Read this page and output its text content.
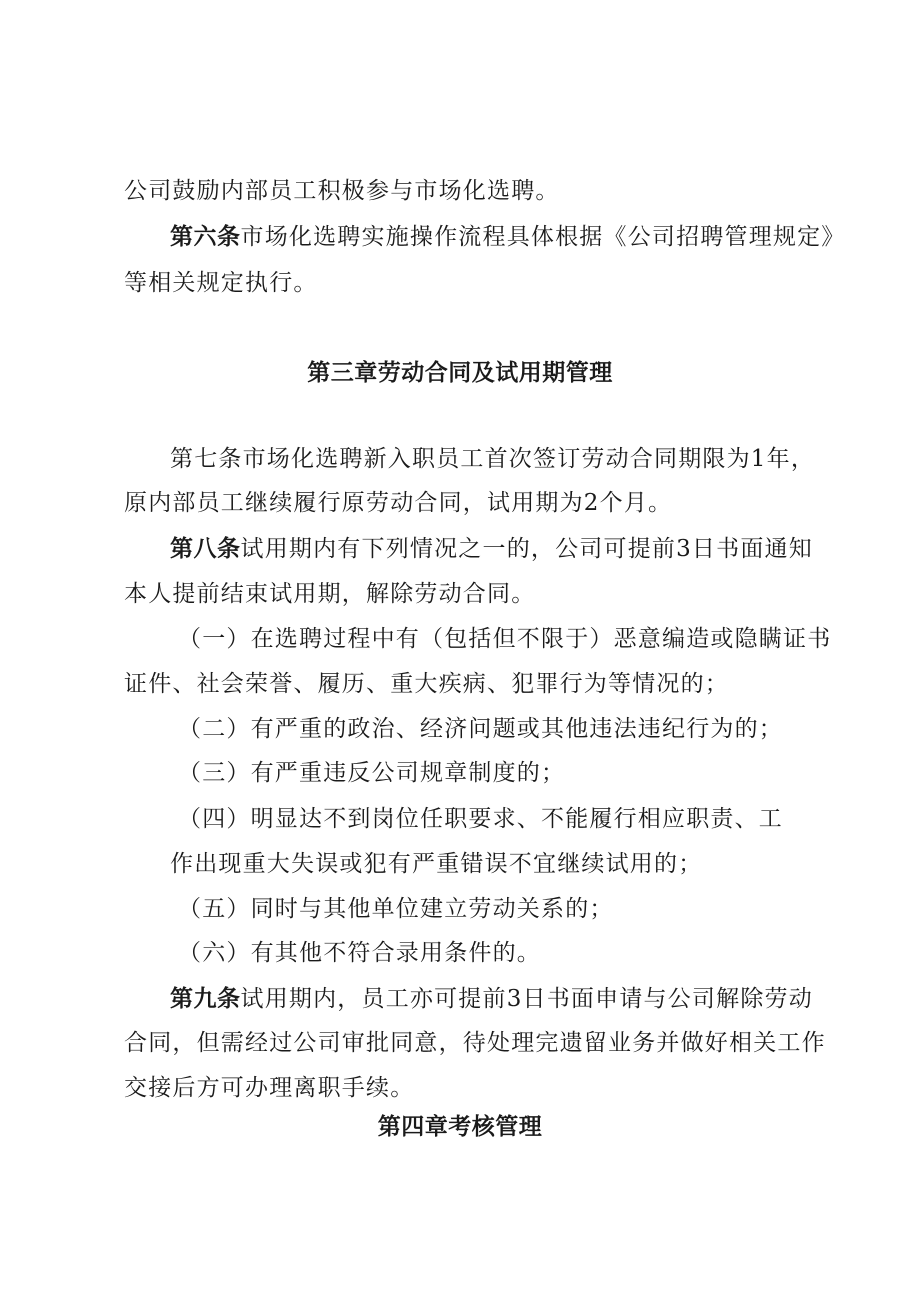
公司鼓励内部员工积极参与市场化选聘。
第六条市场化选聘实施操作流程具体根据《公司招聘管理规定》
等相关规定执行。
第三章劳动合同及试用期管理
第七条市场化选聘新入职员工首次签订劳动合同期限为1年，
原内部员工继续履行原劳动合同，试用期为2个月。
第八条试用期内有下列情况之一的，公司可提前3日书面通知
本人提前结束试用期，解除劳动合同。
（一）在选聘过程中有（包括但不限于）恶意编造或隐瞒证书
证件、社会荣誉、履历、重大疾病、犯罪行为等情况的；
（二）有严重的政治、经济问题或其他违法违纪行为的；
（三）有严重违反公司规章制度的；
（四）明显达不到岗位任职要求、不能履行相应职责、工
作出现重大失误或犯有严重错误不宜继续试用的；
（五）同时与其他单位建立劳动关系的；
（六）有其他不符合录用条件的。
第九条试用期内，员工亦可提前3日书面申请与公司解除劳动
合同，但需经过公司审批同意，待处理完遗留业务并做好相关工作
交接后方可办理离职手续。
第四章考核管理
